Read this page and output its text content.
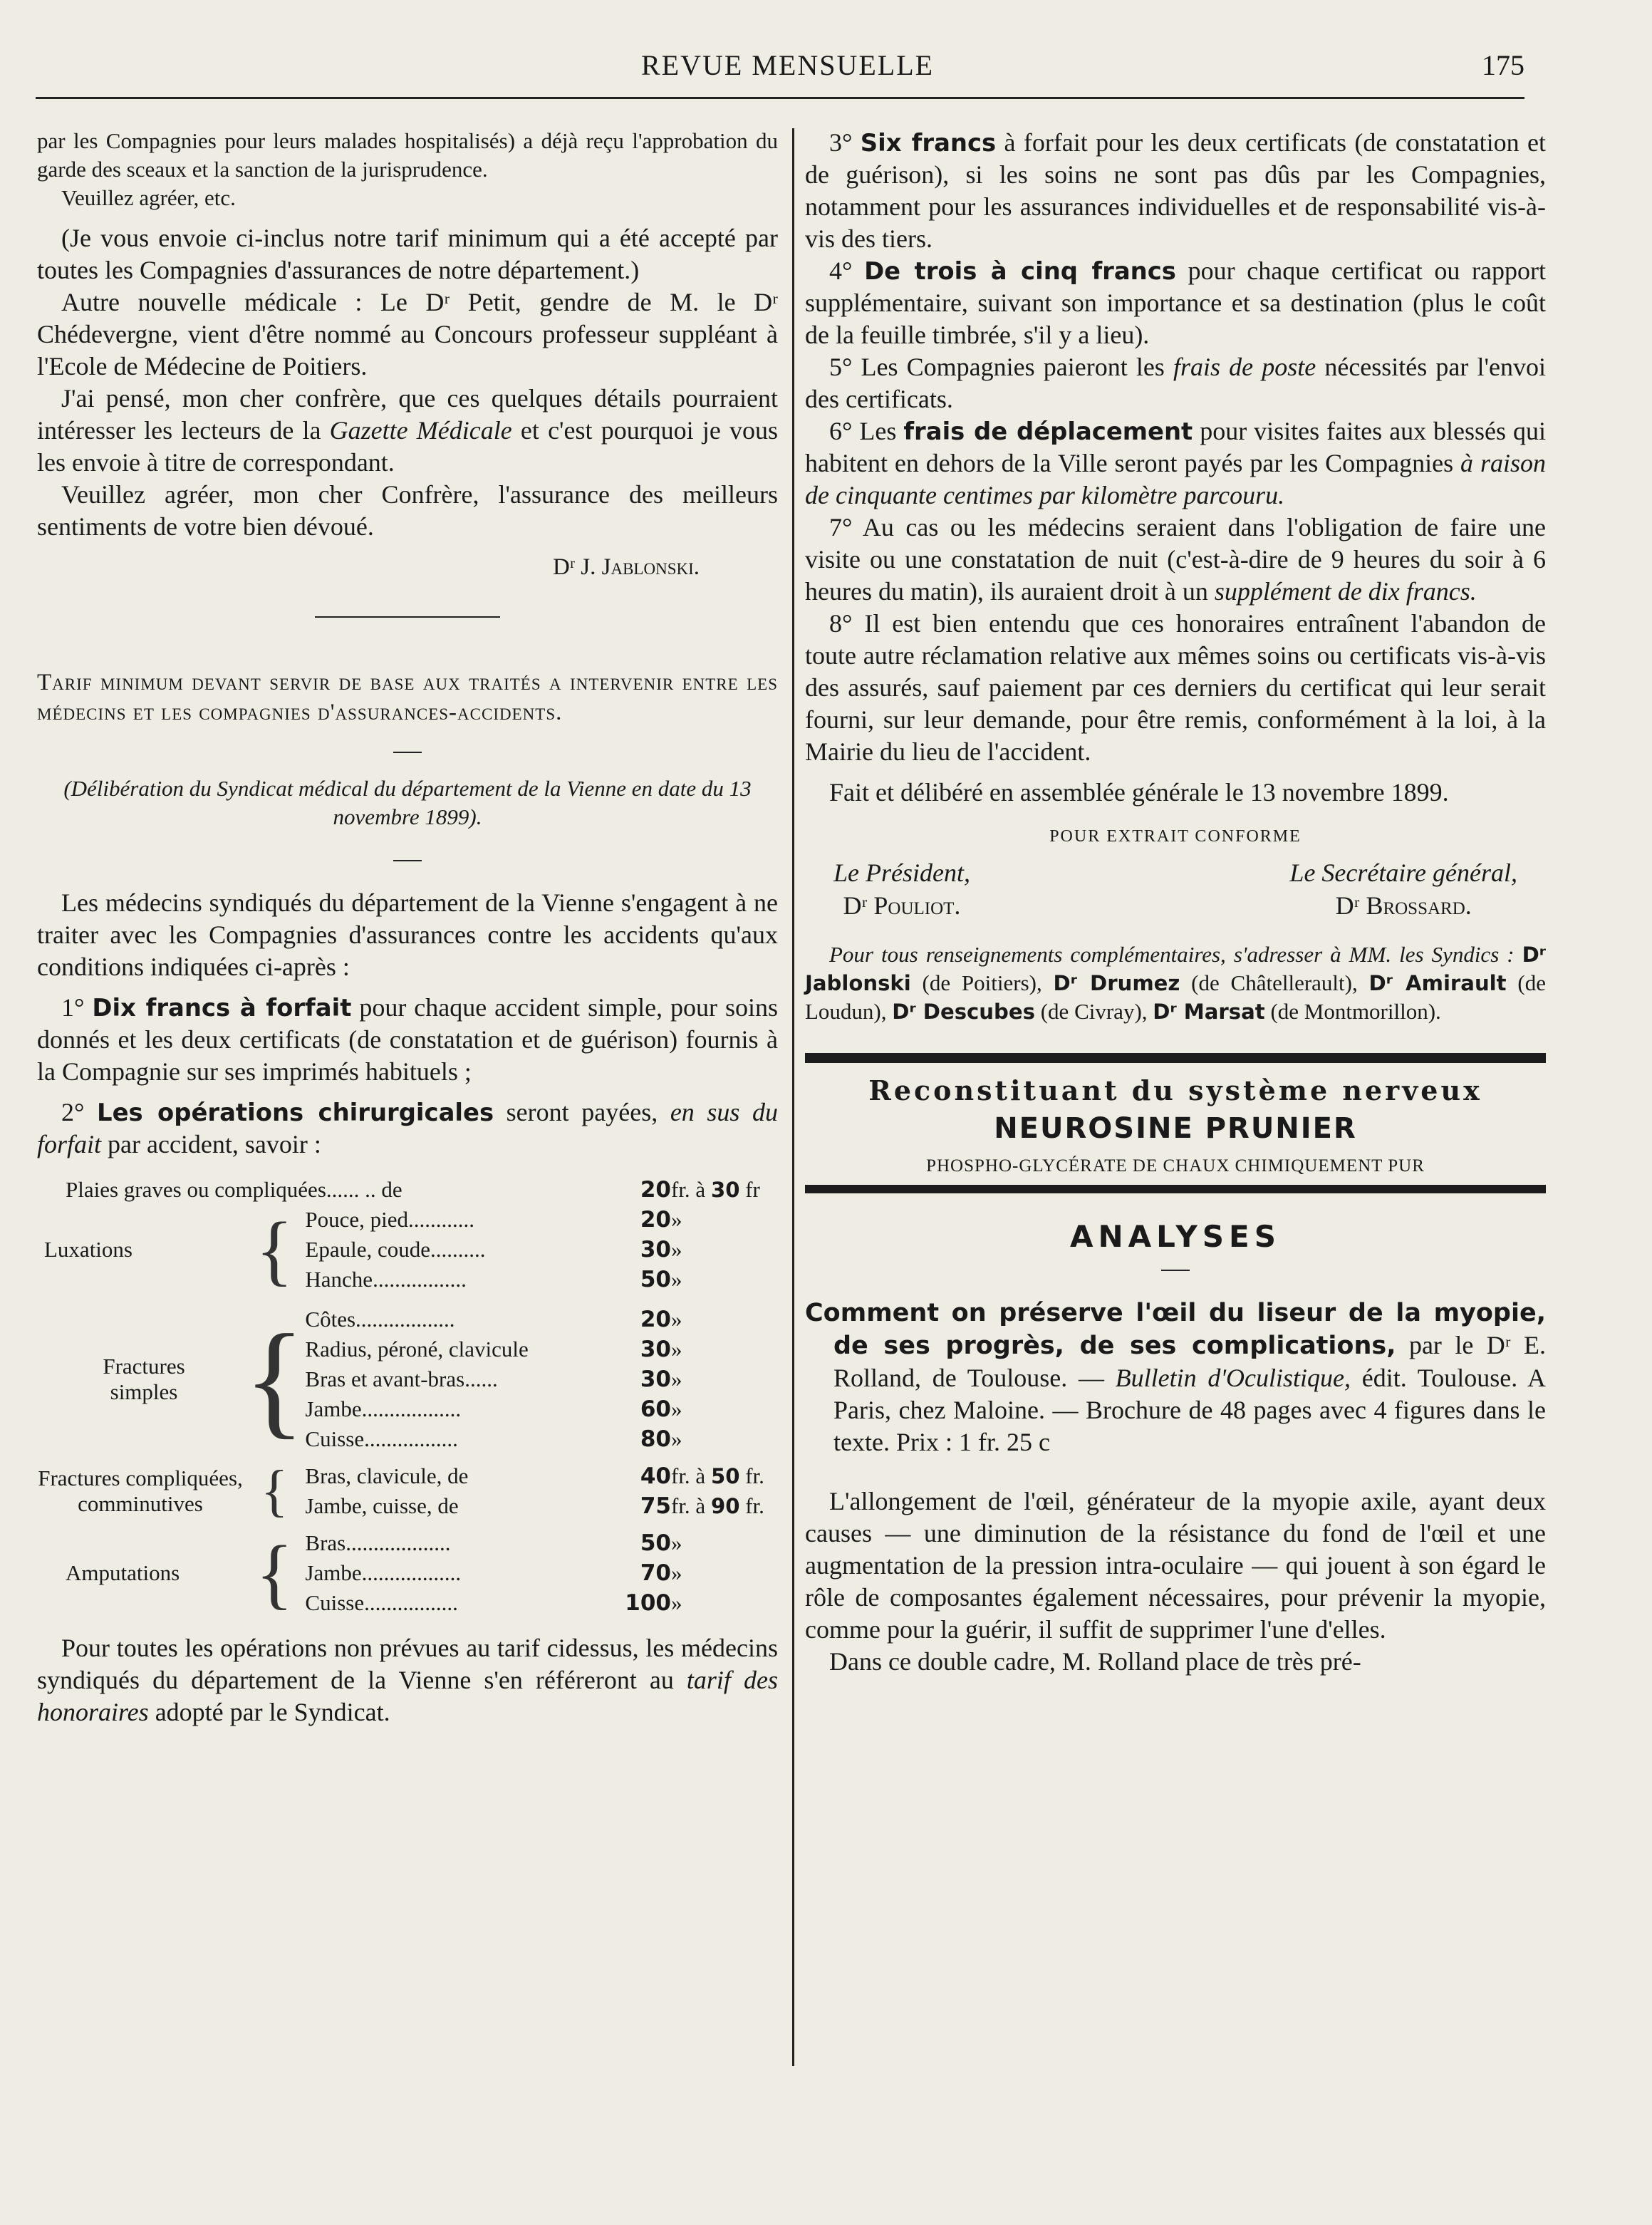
REVUE MENSUELLE	175

par les Compagnies pour leurs malades hospitalisés) a déjà reçu l'approbation du garde des sceaux et la sanction de la jurisprudence.

Veuillez agréer, etc.

(Je vous envoie ci-inclus notre tarif minimum qui a été accepté par toutes les Compagnies d'assurances de notre département.)

Autre nouvelle médicale : Le Dʳ Petit, gendre de M. le Dʳ Chédevergne, vient d'être nommé au Concours professeur suppléant à l'Ecole de Médecine de Poitiers.

J'ai pensé, mon cher confrère, que ces quelques détails pourraient intéresser les lecteurs de la Gazette Médicale et c'est pourquoi je vous les envoie à titre de correspondant.

Veuillez agréer, mon cher Confrère, l'assurance des meilleurs sentiments de votre bien dévoué.

Dʳ J. Jablonski.

Tarif minimum devant servir de base aux traités a intervenir entre les médecins et les compagnies d'assurances-accidents.

(Délibération du Syndicat médical du département de la Vienne en date du 13 novembre 1899).

Les médecins syndiqués du département de la Vienne s'engagent à ne traiter avec les Compagnies d'assurances contre les accidents qu'aux conditions indiquées ci-après :

1° Dix francs à forfait pour chaque accident simple, pour soins donnés et les deux certificats (de constatation et de guérison) fournis à la Compagnie sur ses imprimés habituels ;

2° Les opérations chirurgicales seront payées, en sus du forfait par accident, savoir :

Plaies graves ou compliquées...... .. de			20	fr. à 30 fr
Luxations	{	Pouce, pied............	20	»
		Epaule, coude..........	30	»
		Hanche.................	50	»

Fractures
simples	{	Côtes..................	20	»
		Radius, péroné, clavicule	30	»
		Bras et avant-bras......	30	»
		Jambe..................	60	»
		Cuisse.................	80	»

Fractures compliquées,
comminutives	{	Bras, clavicule, de	40	fr. à 50 fr.
		Jambe, cuisse, de	75	fr. à 90 fr.

Amputations	{	Bras...................	50	»
		Jambe..................	70	»
		Cuisse.................	100	»

Pour toutes les opérations non prévues au tarif cidessus, les médecins syndiqués du département de la Vienne s'en référeront au tarif des honoraires adopté par le Syndicat.

3° Six francs à forfait pour les deux certificats (de constatation et de guérison), si les soins ne sont pas dûs par les Compagnies, notamment pour les assurances individuelles et de responsabilité vis-à-vis des tiers.

4° De trois à cinq francs pour chaque certificat ou rapport supplémentaire, suivant son importance et sa destination (plus le coût de la feuille timbrée, s'il y a lieu).

5° Les Compagnies paieront les frais de poste nécessités par l'envoi des certificats.

6° Les frais de déplacement pour visites faites aux blessés qui habitent en dehors de la Ville seront payés par les Compagnies à raison de cinquante centimes par kilomètre parcouru.

7° Au cas ou les médecins seraient dans l'obligation de faire une visite ou une constatation de nuit (c'est-à-dire de 9 heures du soir à 6 heures du matin), ils auraient droit à un supplément de dix francs.

8° Il est bien entendu que ces honoraires entraînent l'abandon de toute autre réclamation relative aux mêmes soins ou certificats vis-à-vis des assurés, sauf paiement par ces derniers du certificat qui leur serait fourni, sur leur demande, pour être remis, conformément à la loi, à la Mairie du lieu de l'accident.

Fait et délibéré en assemblée générale le 13 novembre 1899.

POUR EXTRAIT CONFORME

Le Président,
Dʳ Pouliot.
Le Secrétaire général,
Dʳ Brossard.

Pour tous renseignements complémentaires, s'adresser à MM. les Syndics : Dʳ Jablonski (de Poitiers), Dʳ Drumez (de Châtellerault), Dʳ Amirault (de Loudun), Dʳ Descubes (de Civray), Dʳ Marsat (de Montmorillon).

Reconstituant du système nerveux

NEUROSINE PRUNIER

PHOSPHO-GLYCÉRATE DE CHAUX CHIMIQUEMENT PUR

ANALYSES

Comment on préserve l'œil du liseur de la myopie, de ses progrès, de ses complications, par le Dʳ E. Rolland, de Toulouse. — Bulletin d'Oculistique, édit. Toulouse. A Paris, chez Maloine. — Brochure de 48 pages avec 4 figures dans le texte. Prix : 1 fr. 25 c

L'allongement de l'œil, générateur de la myopie axile, ayant deux causes — une diminution de la résistance du fond de l'œil et une augmentation de la pression intra-oculaire — qui jouent à son égard le rôle de composantes également nécessaires, pour prévenir la myopie, comme pour la guérir, il suffit de supprimer l'une d'elles.

Dans ce double cadre, M. Rolland place de très pré-
